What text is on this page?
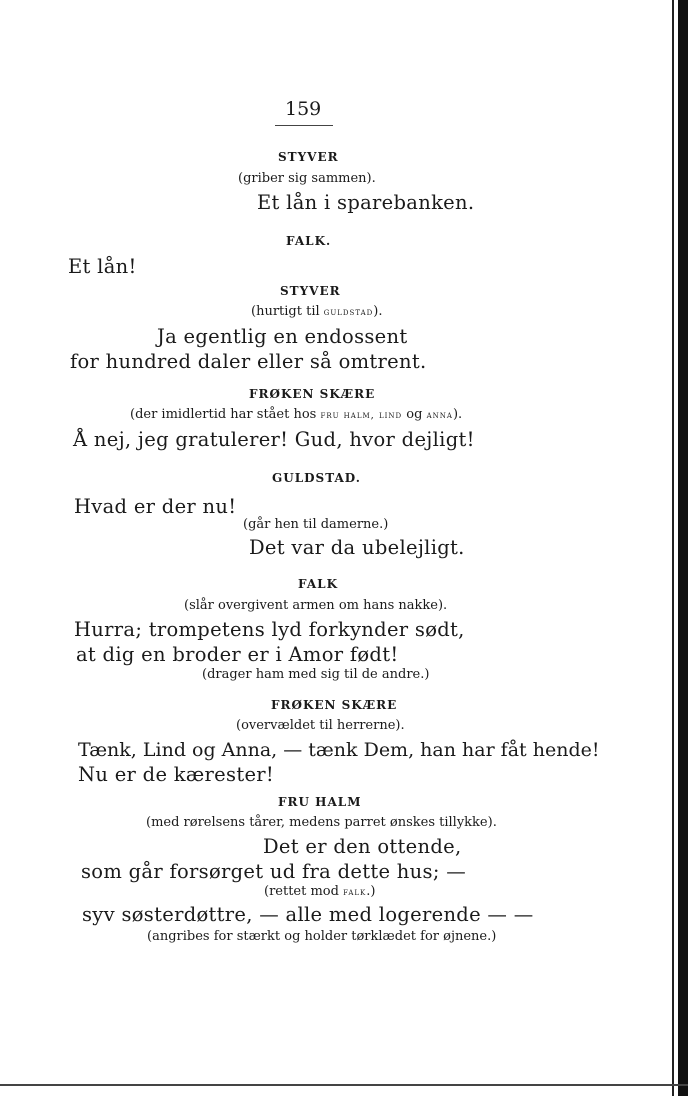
159
STYVER
(griber sig sammen).
Et lån i sparebanken.
FALK.
Et lån!
STYVER
(hurtigt til guldstad).
Ja egentlig en endossent
for hundred daler eller så omtrent.
FRØKEN SKÆRE
(der imidlertid har stået hos fru halm, lind og anna).
Å nej, jeg gratulerer! Gud, hvor dejligt!
GULDSTAD.
Hvad er der nu!
(går hen til damerne.)
Det var da ubelejligt.
FALK
(slår overgivent armen om hans nakke).
Hurra; trompetens lyd forkynder sødt,
at dig en broder er i Amor født!
(drager ham med sig til de andre.)
FRØKEN SKÆRE
(overvældet til herrerne).
Tænk, Lind og Anna, — tænk Dem, han har fåt hende!
Nu er de kærester!
FRU HALM
(med rørelsens tårer, medens parret ønskes tillykke).
Det er den ottende,
som går forsørget ud fra dette hus; —
(rettet mod falk.)
syv søsterdøttre, — alle med logerende — —
(angribes for stærkt og holder tørklædet for øjnene.)
